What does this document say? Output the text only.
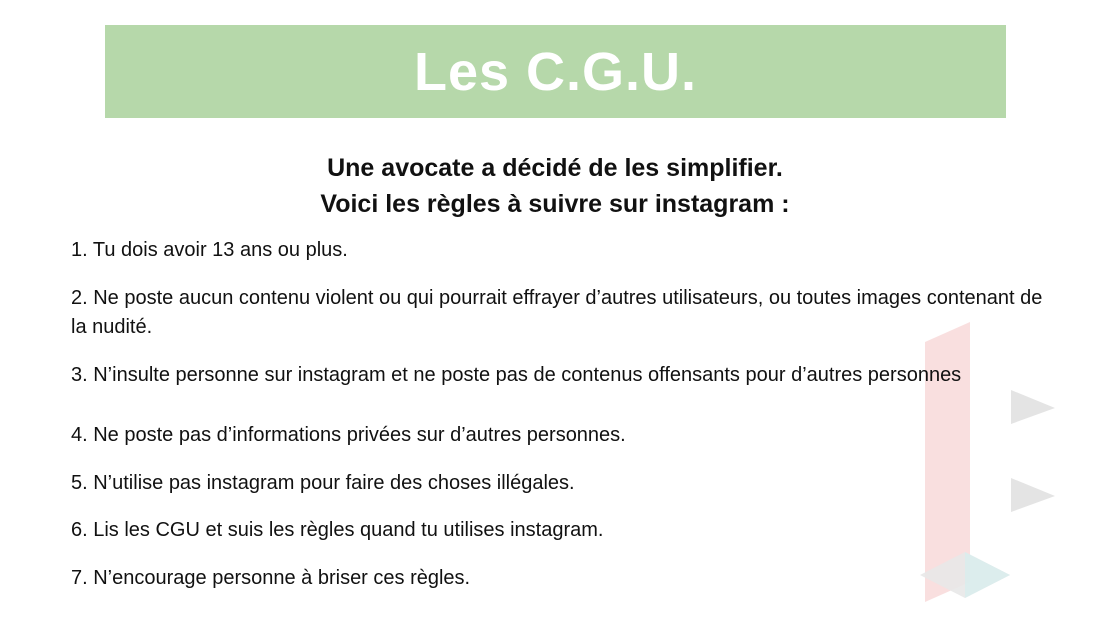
Les C.G.U.
Une avocate a décidé de les simplifier.
Voici les règles à suivre sur instagram :
1. Tu dois avoir 13 ans ou plus.
2. Ne poste aucun contenu violent ou qui pourrait effrayer d’autres utilisateurs, ou toutes images contenant de la nudité.
3. N’insulte personne sur instagram et ne poste pas de contenus offensants pour d’autres personnes
4. Ne poste pas d’informations privées sur d’autres personnes.
5. N’utilise pas instagram pour faire des choses illégales.
6. Lis les CGU et suis les règles quand tu utilises instagram.
7. N’encourage personne à briser ces règles.
